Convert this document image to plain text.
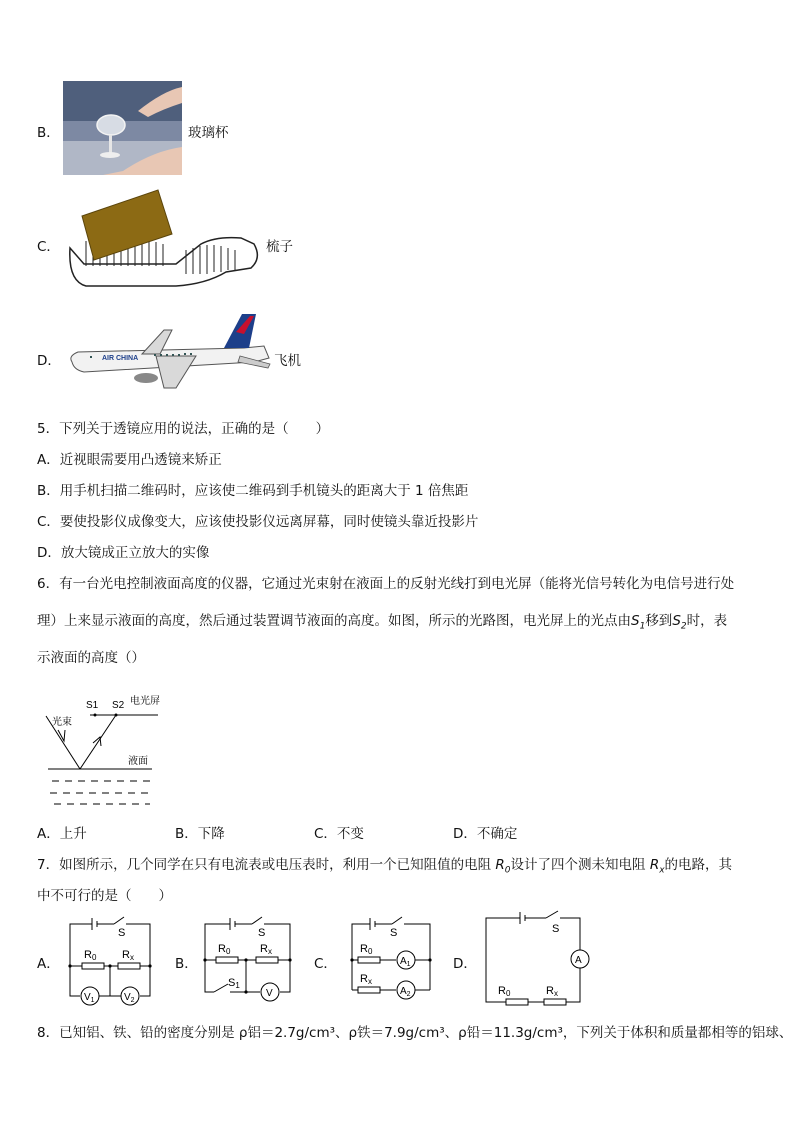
B．	玻璃杯
C．	梳子
D．	AIR CHINA	飞机
5．下列关于透镜应用的说法，正确的是（　　）
A．近视眼需要用凸透镜来矫正
B．用手机扫描二维码时，应该使二维码到手机镜头的距离大于 1 倍焦距
C．要使投影仪成像变大，应该使投影仪远离屏幕，同时使镜头靠近投影片
D．放大镜成正立放大的实像
6．有一台光电控制液面高度的仪器，它通过光束射在液面上的反射光线打到电光屏（能将光信号转化为电信号进行处
理）上来显示液面的高度，然后通过装置调节液面的高度。如图，所示的光路图，电光屏上的光点由$S_1$移到$S_2$时，表
示液面的高度（）
S1 S2 电光屏
光束
液面
A．上升	B．下降	C．不变	D．不确定
7．如图所示，几个同学在只有电流表或电压表时，利用一个已知阻值的电阻 $R_0$设计了四个测未知电阻 $R_x$的电路，其
中不可行的是（　　）
A．	B．	C．	D．
S
R0 Rx
$V_1$	$V_2$
S
R0	Rx
S1
V
S
R0
Rx
$A_1$
$A_2$
S
A
R0	Rx
8．已知铝、铁、铅的密度分别是 ρ铝＝2.7g/cm³、ρ铁＝7.9g/cm³、ρ铅＝11.3g/cm³，下列关于体积和质量都相等的铝球、
